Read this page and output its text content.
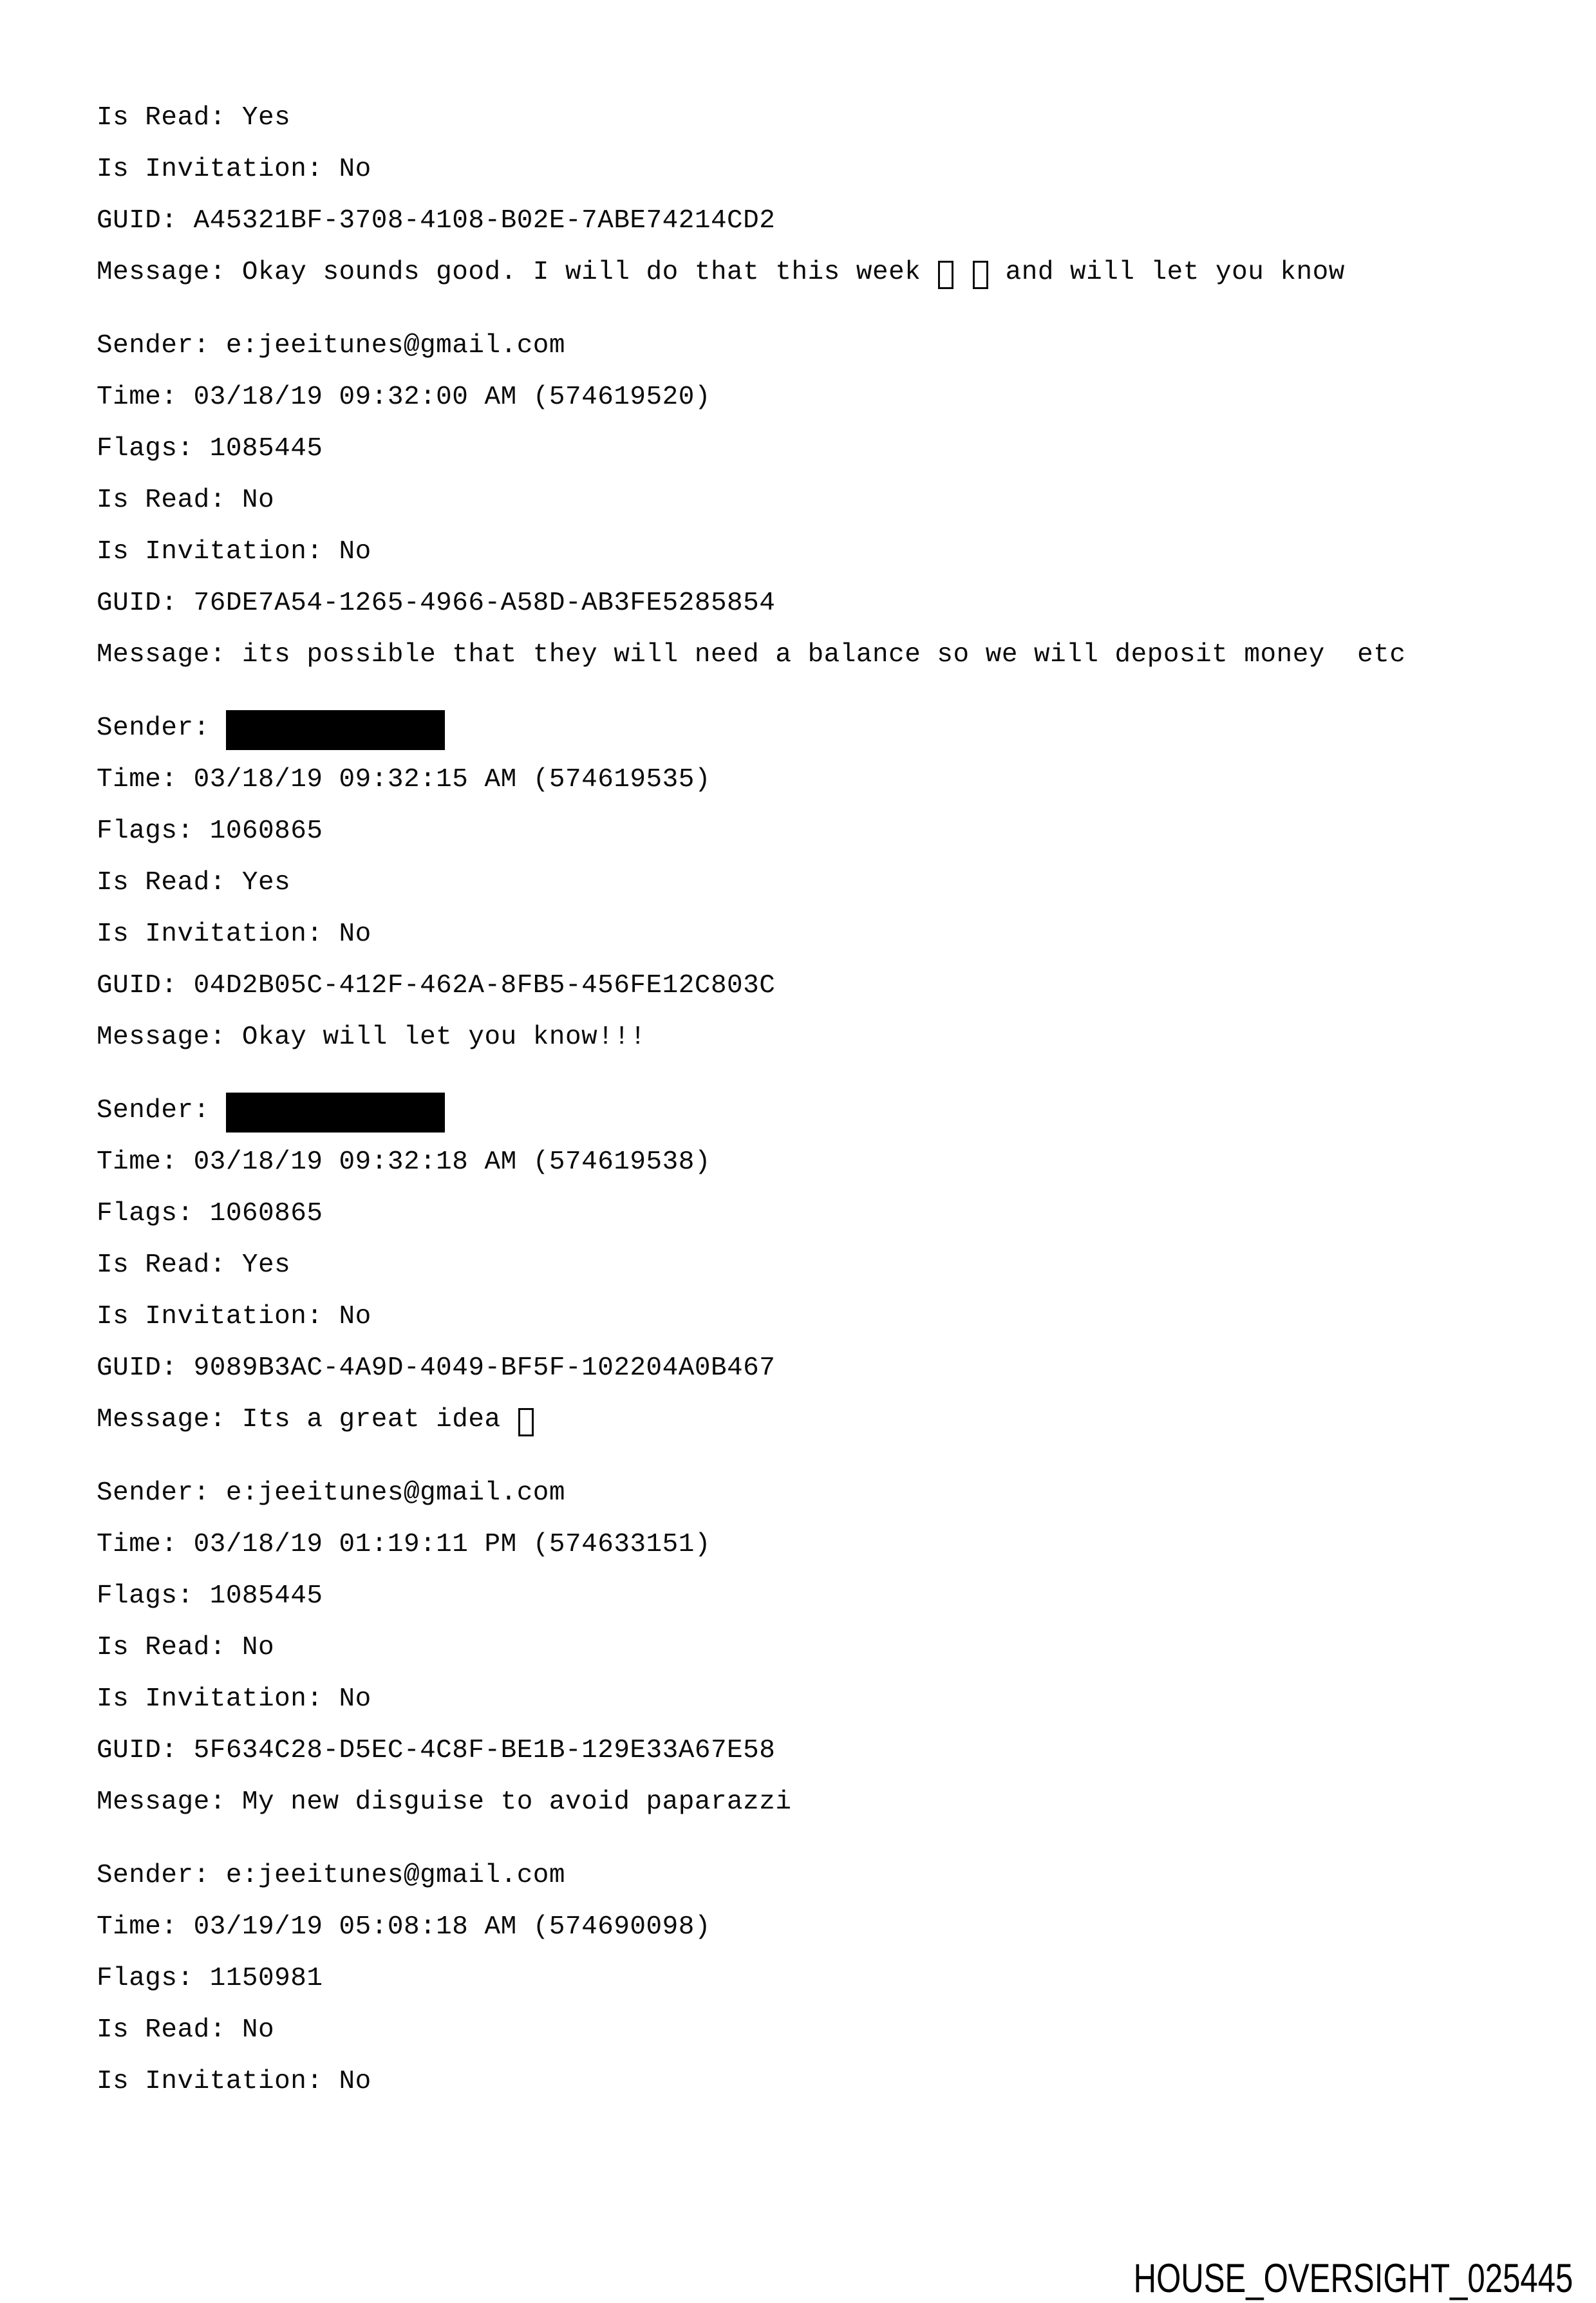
Is Read: Yes
Is Invitation: No
GUID: A45321BF-3708-4108-B02E-7ABE74214CD2
Message: Okay sounds good. I will do that this week
and will let you know
Sender: e:jeeitunes@gmail.com
Time: 03/18/19 09:32:00 AM (574619520)
Flags: 1085445
Is Read: No
Is Invitation: No
GUID: 76DE7A54-1265-4966-A58D-AB3FE5285854
Message: its possible that they will need a balance so we will deposit money  etc
Sender:
Time: 03/18/19 09:32:15 AM (574619535)
Flags: 1060865
Is Read: Yes
Is Invitation: No
GUID: 04D2B05C-412F-462A-8FB5-456FE12C803C
Message: Okay will let you know!!!
Sender:
Time: 03/18/19 09:32:18 AM (574619538)
Flags: 1060865
Is Read: Yes
Is Invitation: No
GUID: 9089B3AC-4A9D-4049-BF5F-102204A0B467
Message: Its a great idea
Sender: e:jeeitunes@gmail.com
Time: 03/18/19 01:19:11 PM (574633151)
Flags: 1085445
Is Read: No
Is Invitation: No
GUID: 5F634C28-D5EC-4C8F-BE1B-129E33A67E58
Message: My new disguise to avoid paparazzi
Sender: e:jeeitunes@gmail.com
Time: 03/19/19 05:08:18 AM (574690098)
Flags: 1150981
Is Read: No
Is Invitation: No
HOUSE_OVERSIGHT_025445
